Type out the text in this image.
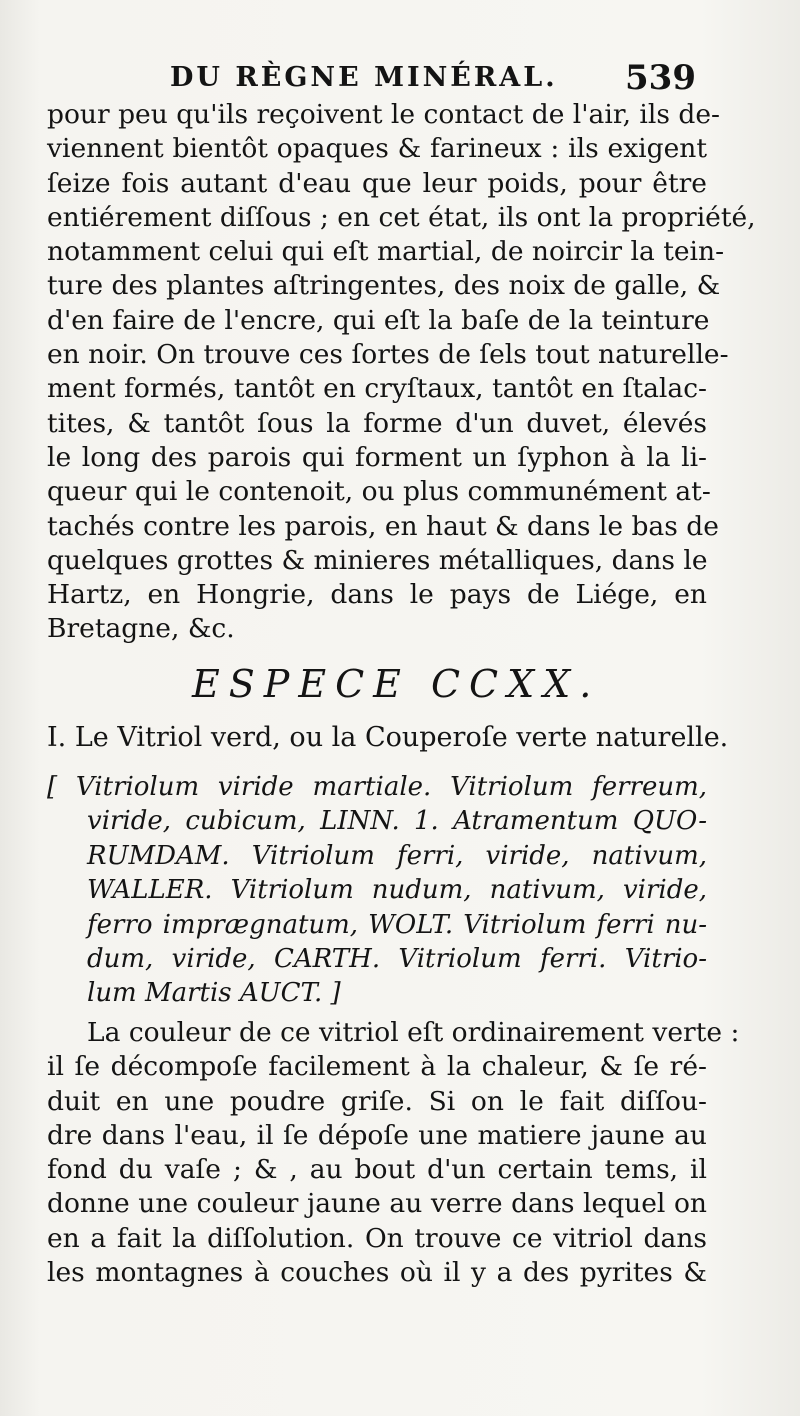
DU RÈGNE MINÉRAL. 539
pour peu qu'ils reçoivent le contact de l'air, ils de-
viennent bientôt opaques & farineux : ils exigent
ſeize fois autant d'eau que leur poids, pour être
entiérement diſſous ; en cet état, ils ont la propriété,
notamment celui qui eſt martial, de noircir la tein-
ture des plantes aſtringentes, des noix de galle, &
d'en faire de l'encre, qui eſt la baſe de la teinture
en noir. On trouve ces ſortes de ſels tout naturelle-
ment formés, tantôt en cryſtaux, tantôt en ſtalac-
tites, & tantôt ſous la forme d'un duvet, élevés
le long des parois qui forment un ſyphon à la li-
queur qui le contenoit, ou plus communément at-
tachés contre les parois, en haut & dans le bas de
quelques grottes & minieres métalliques, dans le
Hartz, en Hongrie, dans le pays de Liége, en
Bretagne, &c.
ESPECE CCXX.
I. Le Vitriol verd, ou la Couperoſe verte naturelle.
[ Vitriolum viride martiale. Vitriolum ferreum,
viride, cubicum, LINN. 1. Atramentum QUO-
RUMDAM. Vitriolum ferri, viride, nativum,
WALLER. Vitriolum nudum, nativum, viride,
ferro imprægnatum, WOLT. Vitriolum ferri nu-
dum, viride, CARTH. Vitriolum ferri. Vitrio-
lum Martis AUCT. ]
La couleur de ce vitriol eſt ordinairement verte :
il ſe décompoſe facilement à la chaleur, & ſe ré-
duit en une poudre griſe. Si on le fait diſſou-
dre dans l'eau, il ſe dépoſe une matiere jaune au
fond du vaſe ; & , au bout d'un certain tems, il
donne une couleur jaune au verre dans lequel on
en a fait la diſſolution. On trouve ce vitriol dans
les montagnes à couches où il y a des pyrites &
